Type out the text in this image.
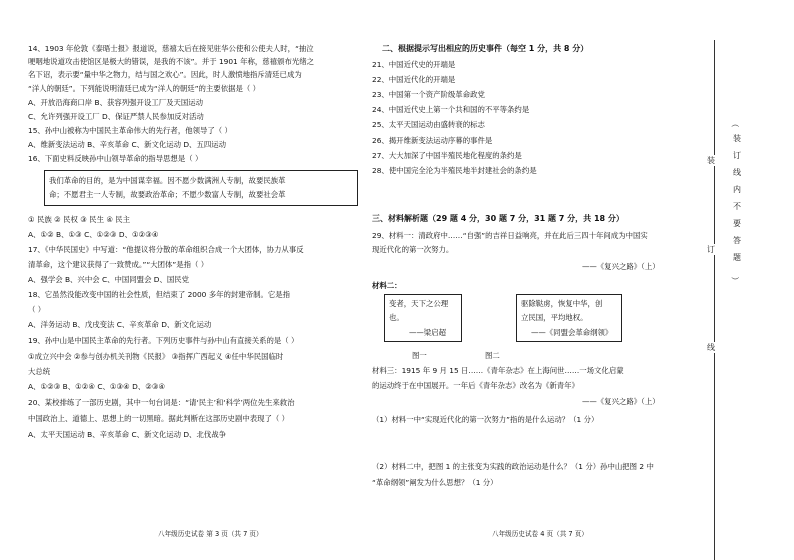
14、1903 年伦敦《泰晤士报》报道说，慈禧太后在接见驻华公使和公使夫人时，“抽泣
哽咽地说道攻击使馆区是极大的错误，是我的不该”。并于 1901 年称，慈禧颁布光绪之
名下诏，表示要“量中华之物力，结与国之欢心”。因此，时人激愤地指斥清廷已成为
“洋人的朝廷”。下列能说明清廷已成为“洋人的朝廷”的主要依据是（ ）
A、开放沿海商口岸 B、获容列强开设工厂及天国运动
C、允许列强开设工厂 D、保证严禁人民参加反对活动
15、孙中山被称为中国民主革命伟大的先行者，他领导了（ ）
A、维新变法运动 B、辛亥革命 C、新文化运动 D、五四运动
16、下面史料反映孙中山领导革命的指导思想是（ ）
我们革命的目的，是为中国谋幸福。因不愿少数满洲人专制，故要民族革
命；不愿君主一人专制，故要政治革命；不愿少数富人专制，故要社会革
① 民族 ② 民权 ③ 民生 ④ 民主
A、①② B、①③ C、①②③ D、①②③④
17、《中华民国史》中写道：“他提议将分散的革命组织合成一个大团体，协力从事反
清革命，这个建议获得了一致赞成。”“大团体”是指（ ）
A、强学会 B、兴中会 C、中国同盟会 D、国民党
18、它虽然没能改变中国的社会性质，但结束了 2000 多年的封建帝制。它是指
（ ）
A、洋务运动 B、戊戌变法 C、辛亥革命 D、新文化运动
19、孙中山是中国民主革命的先行者。下列历史事件与孙中山有直接关系的是（ ）
①成立兴中会 ②参与创办机关刊物《民报》 ③指挥广西起义 ④任中华民国临时
大总统
A、①②③ B、①②④ C、①③④ D、②③④
20、某校排练了一部历史剧，其中一句台词是：“请‘民主’和‘科学’两位先生来救治
中国政治上、道德上、思想上的一切黑暗。据此判断在这部历史剧中表现了（ ）
A、太平天国运动 B、辛亥革命 C、新文化运动 D、北伐战争
八年级历史试卷 第 3 页（共 7 页）
二、根据提示写出相应的历史事件（每空 1 分，共 8 分）
21、中国近代史的开端是
22、中国近代化的开端是
23、中国第一个资产阶级革命政党
24、中国近代史上第一个共和国的不平等条约是
25、太平天国运动由盛转衰的标志
26、揭开维新变法运动序幕的事件是
27、大大加深了中国半殖民地化程度的条约是
28、使中国完全沦为半殖民地半封建社会的条约是
三、材料解析题（29 题 4 分，30 题 7 分，31 题 7 分，共 18 分）
29、材料一：清政府中……“自强”的吉祥日益响亮，并在此后三四十年间成为中国实
现近代化的第一次努力。
——《复兴之路》（上）
材料二：
变者，天下之公理
也。
——梁启超
驱除鞑虏，恢复中华，创
立民国，平均地权。
——《同盟会革命纲领》
图一	图二
材料三：1915 年 9 月 15 日……《青年杂志》在上海问世……一场文化启蒙
的运动终于在中国展开。一年后《青年杂志》改名为《新青年》
——《复兴之路》（上）
（1）材料一中“实现近代化的第一次努力”指的是什么运动？（1 分）
（2）材料二中，把图 1 的主张变为实践的政治运动是什么？（1 分）孙中山把图 2 中
“革命纲领”阐发为什么思想？（1 分）
八年级历史试卷 4 页（共 7 页）
装
订
线
（
装
订
线
内
不
要
答
题
）
